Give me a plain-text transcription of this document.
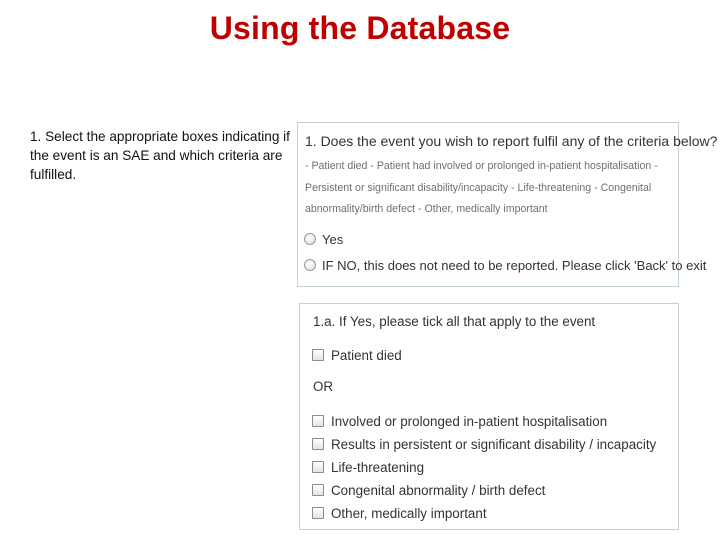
Using the Database
1. Select the appropriate boxes indicating if the event is an SAE and which criteria are fulfilled.
1. Does the event you wish to report fulfil any of the criteria below?
- Patient died - Patient had involved or prolonged in-patient hospitalisation - Persistent or significant disability/incapacity - Life-threatening - Congenital abnormality/birth defect - Other, medically important
Yes
IF NO, this does not need to be reported. Please click 'Back' to exit
1.a. If Yes, please tick all that apply to the event
Patient died
OR
Involved or prolonged in-patient hospitalisation
Results in persistent or significant disability / incapacity
Life-threatening
Congenital abnormality / birth defect
Other, medically important
